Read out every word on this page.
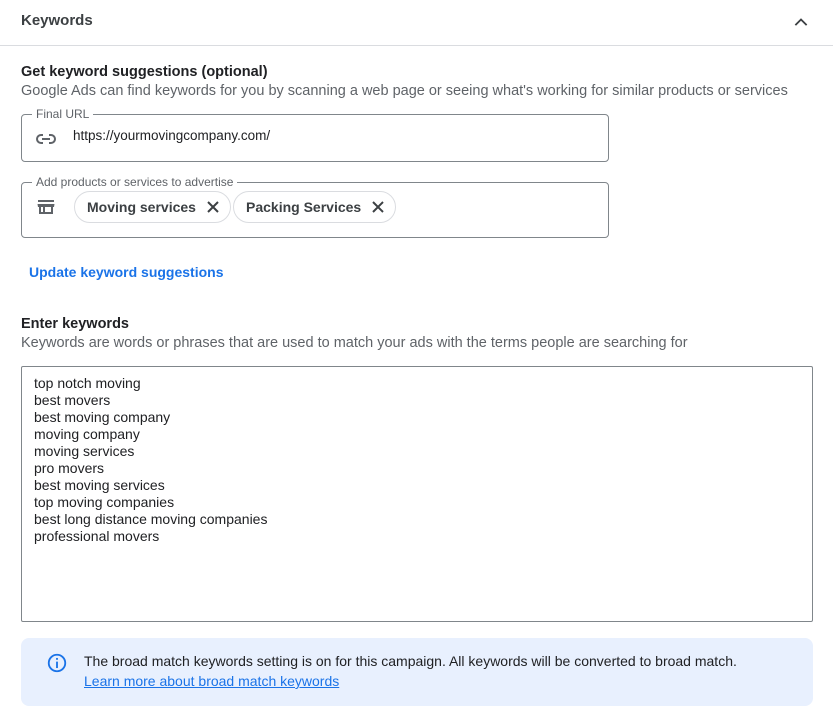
Keywords
Get keyword suggestions (optional)
Google Ads can find keywords for you by scanning a web page or seeing what's working for similar products or services
Final URL
https://yourmovingcompany.com/
Add products or services to advertise
Moving services	Packing Services
Update keyword suggestions
Enter keywords
Keywords are words or phrases that are used to match your ads with the terms people are searching for
top notch moving best movers best moving company moving company moving services pro movers best moving services top moving companies best long distance moving companies professional movers
The broad match keywords setting is on for this campaign. All keywords will be converted to broad match.
Learn more about broad match keywords
